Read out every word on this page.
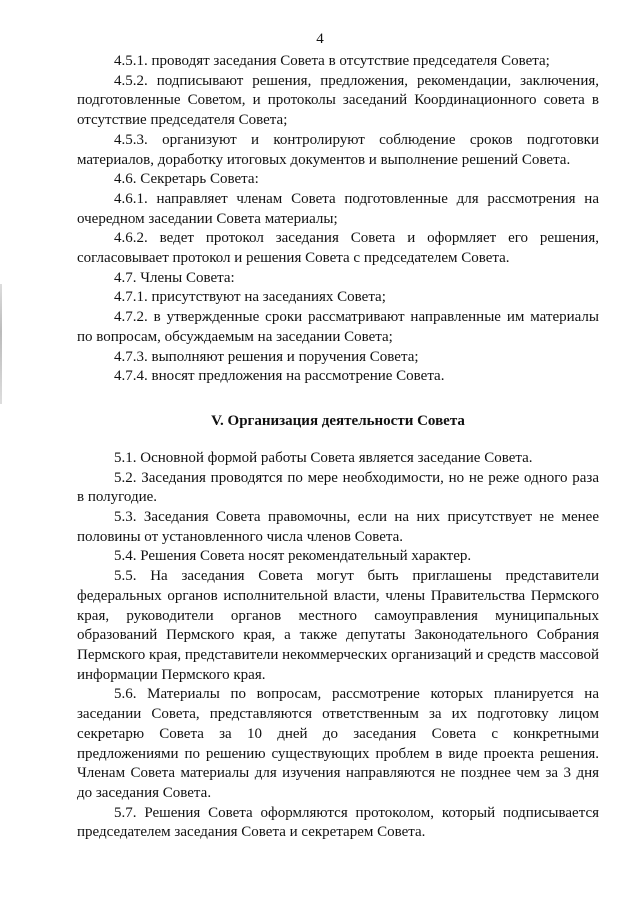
4

4.5.1. проводят заседания Совета в отсутствие председателя Совета;

4.5.2. подписывают решения, предложения, рекомендации, заключения, подготовленные Советом, и протоколы заседаний Координационного совета в отсутствие председателя Совета;

4.5.3. организуют и контролируют соблюдение сроков подготовки материалов, доработку итоговых документов и выполнение решений Совета.

4.6. Секретарь Совета:

4.6.1. направляет членам Совета подготовленные для рассмотрения на очередном заседании Совета материалы;

4.6.2. ведет протокол заседания Совета и оформляет его решения, согласовывает протокол и решения Совета с председателем Совета.

4.7. Члены Совета:

4.7.1. присутствуют на заседаниях Совета;

4.7.2. в утвержденные сроки рассматривают направленные им материалы по вопросам, обсуждаемым на заседании Совета;

4.7.3. выполняют решения и поручения Совета;

4.7.4. вносят предложения на рассмотрение Совета.

V. Организация деятельности Совета

5.1. Основной формой работы Совета является заседание Совета.

5.2. Заседания проводятся по мере необходимости, но не реже одного раза в полугодие.

5.3. Заседания Совета правомочны, если на них присутствует не менее половины от установленного числа членов Совета.

5.4. Решения Совета носят рекомендательный характер.

5.5. На заседания Совета могут быть приглашены представители федеральных органов исполнительной власти, члены Правительства Пермского края, руководители органов местного самоуправления муниципальных образований Пермского края, а также депутаты Законодательного Собрания Пермского края, представители некоммерческих организаций и средств массовой информации Пермского края.

5.6. Материалы по вопросам, рассмотрение которых планируется на заседании Совета, представляются ответственным за их подготовку лицом секретарю Совета за 10 дней до заседания Совета с конкретными предложениями по решению существующих проблем в виде проекта решения. Членам Совета материалы для изучения направляются не позднее чем за 3 дня до заседания Совета.

5.7. Решения Совета оформляются протоколом, который подписывается председателем заседания Совета и секретарем Совета.
